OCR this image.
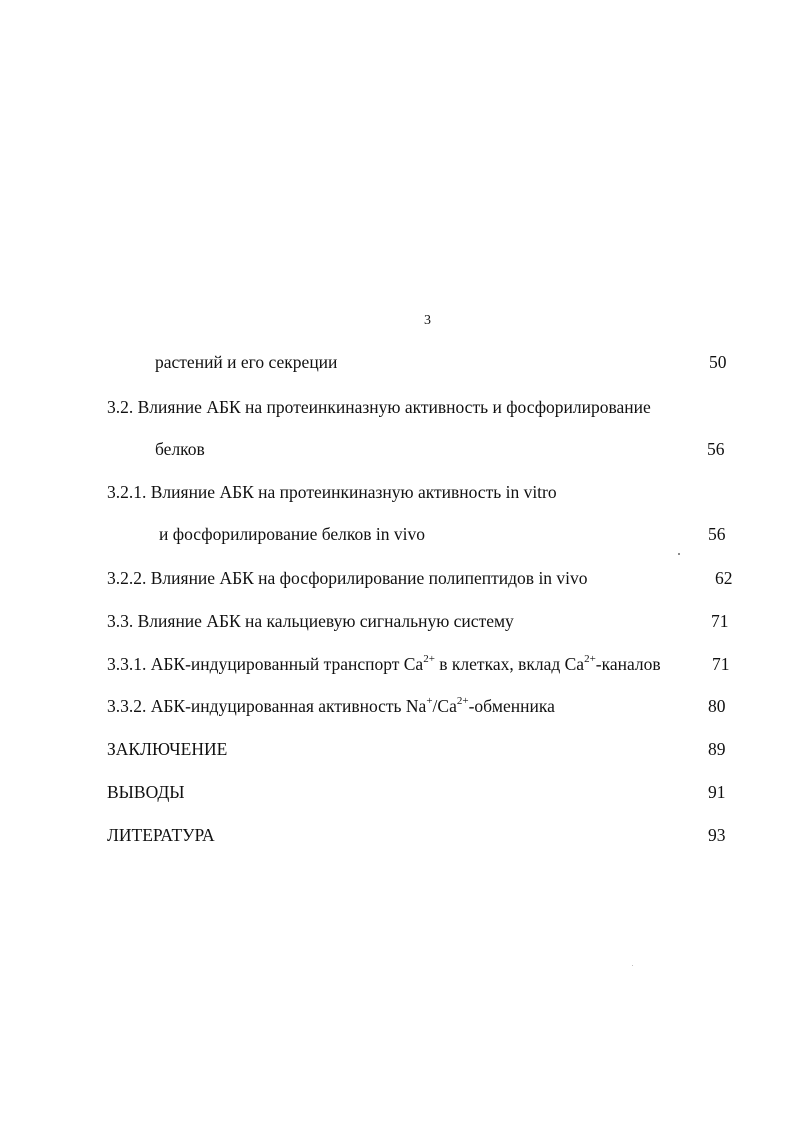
3
растений и его секреции	50
3.2. Влияние АБК на протеинкиназную активность и фосфорилирование
белков	56
3.2.1. Влияние АБК на протеинкиназную активность in vitro
и фосфорилирование белков in vivo	56
3.2.2. Влияние АБК на фосфорилирование полипептидов in vivo	62
3.3. Влияние АБК на кальциевую сигнальную систему	71
3.3.1. АБК-индуцированный транспорт $Ca^{2+}$ в клетках, вклад $Ca^{2+}$-каналов	71
3.3.2. АБК-индуцированная активность $Na^+/Ca^{2+}$-обменника	80
ЗАКЛЮЧЕНИЕ	89
ВЫВОДЫ	91
ЛИТЕРАТУРА	93
